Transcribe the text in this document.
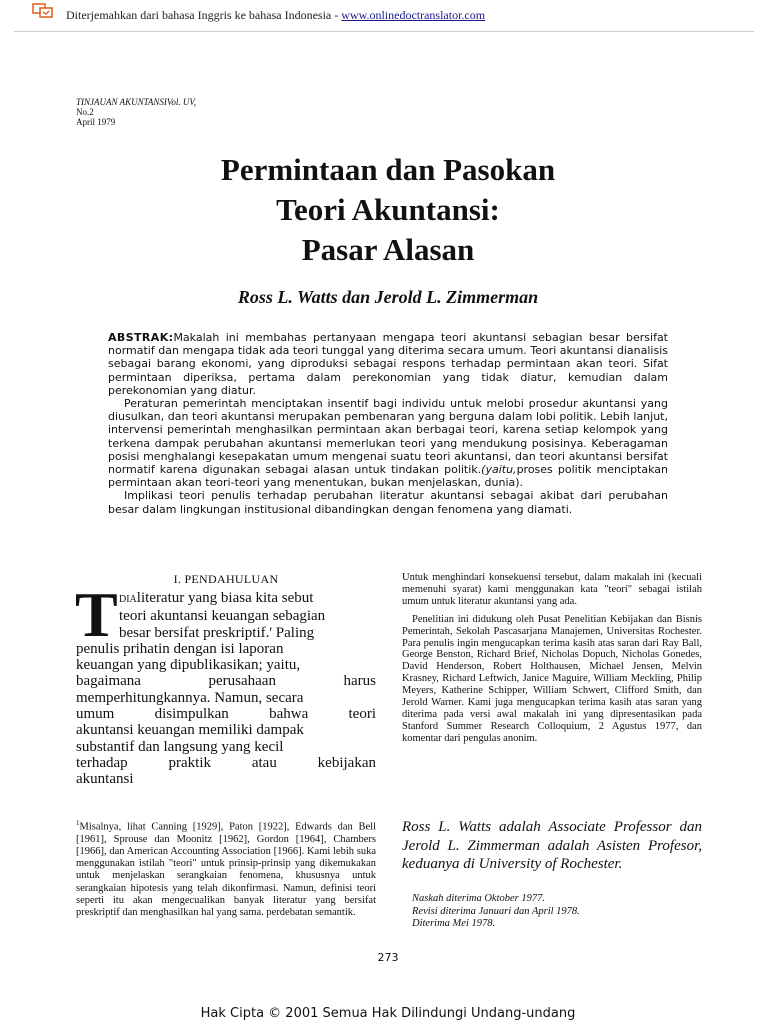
Diterjemahkan dari bahasa Inggris ke bahasa Indonesia - www.onlinedoctranslator.com
TINJAUAN AKUNTANSIVol. UV,
No.2
April 1979
Permintaan dan Pasokan
Teori Akuntansi:
Pasar Alasan
Ross L. Watts dan Jerold L. Zimmerman

ABSTRAK:Makalah ini membahas pertanyaan mengapa teori akuntansi sebagian besar bersifat normatif dan mengapa tidak ada teori tunggal yang diterima secara umum. Teori akuntansi dianalisis sebagai barang ekonomi, yang diproduksi sebagai respons terhadap permintaan akan teori. Sifat permintaan diperiksa, pertama dalam perekonomian yang tidak diatur, kemudian dalam perekonomian yang diatur.

Peraturan pemerintah menciptakan insentif bagi individu untuk melobi prosedur akuntansi yang diusulkan, dan teori akuntansi merupakan pembenaran yang berguna dalam lobi politik. Lebih lanjut, intervensi pemerintah menghasilkan permintaan akan berbagai teori, karena setiap kelompok yang terkena dampak perubahan akuntansi memerlukan teori yang mendukung posisinya. Keberagaman posisi menghalangi kesepakatan umum mengenai suatu teori akuntansi, dan teori akuntansi bersifat normatif karena digunakan sebagai alasan untuk tindakan politik.(yaitu,proses politik menciptakan permintaan akan teori-teori yang menentukan, bukan menjelaskan, dunia).

Implikasi teori penulis terhadap perubahan literatur akuntansi sebagai akibat dari perubahan besar dalam lingkungan institusional dibandingkan dengan fenomena yang diamati.

I. PENDAHULUAN
T DIAliteratur yang biasa kita sebut
teori akuntansi keuangan sebagian
besar bersifat preskriptif.' Paling
penulis prihatin dengan isi laporan
keuangan yang dipublikasikan; yaitu,
bagaimana perusahaan harus
memperhitungkannya. Namun, secara
umum disimpulkan bahwa teori
akuntansi keuangan memiliki dampak
substantif dan langsung yang kecil
terhadap praktik atau kebijakan
akuntansi
$^1$Misalnya, lihat Canning [1929], Paton [1922], Edwards dan Bell [1961], Sprouse dan Moonitz [1962], Gordon [1964], Chambers [1966], dan American Accounting Association [1966]. Kami lebih suka menggunakan istilah "teori" untuk prinsip-prinsip yang dikemukakan untuk menjelaskan serangkaian fenomena, khususnya untuk serangkaian hipotesis yang telah dikonfirmasi. Namun, definisi teori seperti itu akan mengecualikan banyak literatur yang bersifat preskriptif dan menghasilkan hal yang sama. perdebatan semantik.

Untuk menghindari konsekuensi tersebut, dalam makalah ini (kecuali memenuhi syarat) kami menggunakan kata "teori" sebagai istilah umum untuk literatur akuntansi yang ada.

Penelitian ini didukung oleh Pusat Penelitian Kebijakan dan Bisnis Pemerintah, Sekolah Pascasarjana Manajemen, Universitas Rochester. Para penulis ingin mengucapkan terima kasih atas saran dari Ray Ball, George Benston, Richard Brief, Nicholas Dopuch, Nicholas Gonedes, David Henderson, Robert Holthausen, Michael Jensen, Melvin Krasney, Richard Leftwich, Janice Maguire, William Meckling, Philip Meyers, Katherine Schipper, William Schwert, Clifford Smith, dan Jerold Warner. Kami juga mengucapkan terima kasih atas saran yang diterima pada versi awal makalah ini yang dipresentasikan pada Stanford Summer Research Colloquium, 2 Agustus 1977, dan komentar dari pengulas anonim.

Ross L. Watts adalah Associate Professor dan Jerold L. Zimmerman adalah Asisten Profesor, keduanya di University of Rochester.
Naskah diterima Oktober 1977.
Revisi diterima Januari dan April 1978.
Diterima Mei 1978.
273
Hak Cipta © 2001 Semua Hak Dilindungi Undang-undang
